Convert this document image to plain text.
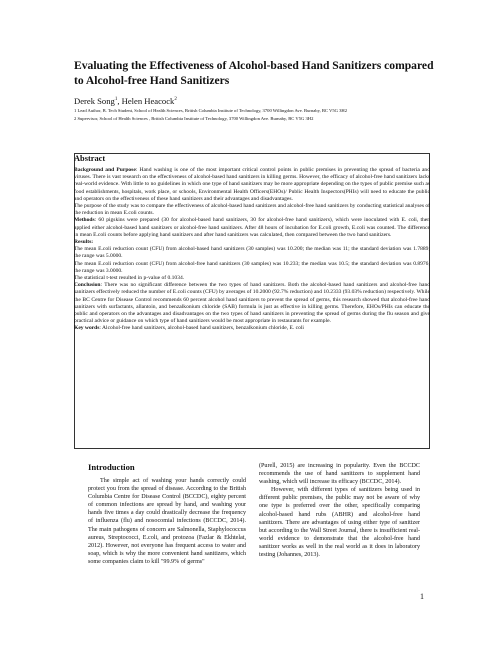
Evaluating the Effectiveness of Alcohol-based Hand Sanitizers compared to Alcohol-free Hand Sanitizers
Derek Song$^1$, Helen Heacock$^2$
1 Lead Author, B. Tech Student, School of Health Sciences, British Columbia Institute of Technology, 3700 Willingdon Ave. Burnaby, BC V5G 3H2
2 Supervisor, School of Health Sciences , British Columbia Institute of Technology, 3700 Willingdon Ave. Burnaby, BC V5G 3H2
Abstract

Background and Purpose: Hand washing is one of the most important critical control points in public premises in preventing the spread of bacteria and viruses. There is vast research on the effectiveness of alcohol-based hand sanitizers in killing germs. However, the efficacy of alcohol-free hand sanitizers lacks real-world evidence. With little to no guidelines in which one type of hand sanitizers may be more appropriate depending on the types of public premise such as food establishments, hospitals, work place, or schools, Environmental Health Officers(EHOs)/ Public Health Inspectors(PHIs) will need to educate the public and operators on the effectiveness of these hand sanitizers and their advantages and disadvantages.

The purpose of the study was to compare the effectiveness of alcohol-based hand sanitizers and alcohol-free hand sanitizers by conducting statistical analyses of the reduction in mean E.coli counts.

Methods: 60 pigskins were prepared (30 for alcohol-based hand sanitizers, 30 for alcohol-free hand sanitizers), which were inoculated with E. coli, then applied either alcohol-based hand sanitizers or alcohol-free hand sanitizers. After 48 hours of incubation for E.coli growth, E.coli was counted. The difference in mean E.coli counts before applying hand sanitizers and after hand sanitizers was calculated, then compared between the two hand sanitizers.

Results:

The mean E.coli reduction count (CFU) from alcohol-based hand sanitizers (30 samples) was 10.200; the median was 11; the standard deviation was 1.7889; the range was 5.0000.

The mean E.coli reduction count (CFU) from alcohol-free hand sanitizers (30 samples) was 10.233; the median was 10.5; the standard deviation was 0.8976; the range was 3.0000.

The statistical t-test resulted in p-value of 0.1034.

Conclusion: There was no significant difference between the two types of hand sanitizers. Both the alcohol-based hand sanitizers and alcohol-free hand sanitizers effectively reduced the number of E.coli counts (CFU) by averages of 10.2000 (92.7% reduction) and 10.2333 (93.03% reduction) respectively. While the BC Centre for Disease Control recommends 60 percent alcohol hand sanitizers to prevent the spread of germs, this research showed that alcohol-free hand sanitizers with surfactants, allantoin, and benzalkonium chloride (SAB) formula is just as effective in killing germs. Therefore, EHOs/PHIs can educate the public and operators on the advantages and disadvantages on the two types of hand sanitizers in preventing the spread of germs during the flu season and give practical advice or guidance on which type of hand sanitizers would be most appropriate in restaurants for example.

Key words: Alcohol-free hand sanitizers, alcohol-based hand sanitizers, benzalkonium chloride, E. coli

Introduction

The simple act of washing your hands correctly could protect you from the spread of disease. According to the British Columbia Centre for Disease Control (BCCDC), eighty percent of common infections are spread by hand, and washing your hands five times a day could drastically decrease the frequency of influenza (flu) and nosocomial infections (BCCDC, 2014). The main pathogens of concern are Salmonella, Staphylococcus aureus, Streptococci, E.coli, and protozoa (Fazlar & Ekhtelat, 2012). However, not everyone has frequent access to water and soap, which is why the more convenient hand sanitizers, which some companies claim to kill "99.9% of germs"

(Purell, 2015) are increasing in popularity. Even the BCCDC recommends the use of hand sanitizers to supplement hand washing, which will increase its efficacy (BCCDC, 2014).

However, with different types of sanitizers being used in different public premises, the public may not be aware of why one type is preferred over the other, specifically comparing alcohol-based hand rubs (ABHR) and alcohol-free hand sanitizers. There are advantages of using either type of sanitizer but according to the Wall Street Journal, there is insufficient real-world evidence to demonstrate that the alcohol-free hand sanitizer works as well in the real world as it does in laboratory testing (Johannes, 2013).

1
